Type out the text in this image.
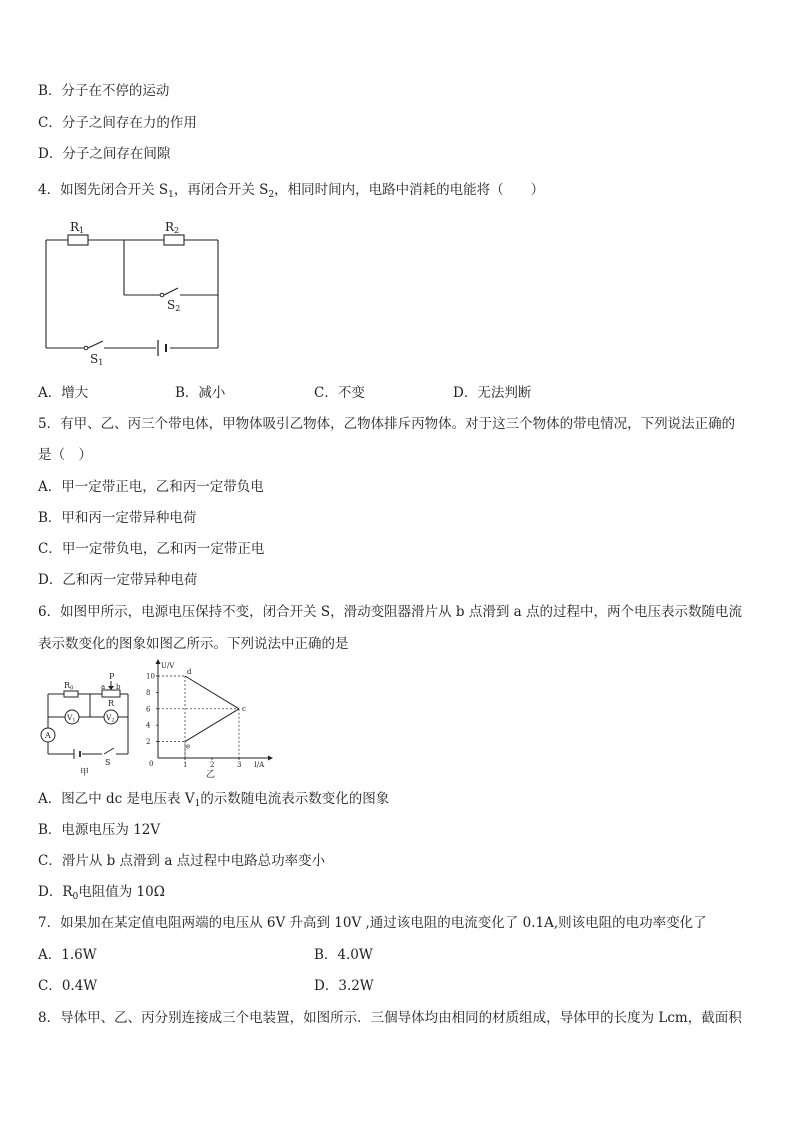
B．分子在不停的运动
C．分子之间存在力的作用
D．分子之间存在间隙
4．如图先闭合开关 $S_1$，再闭合开关 $S_2$，相同时间内，电路中消耗的电能将（　　）
R1	R2
S2
S1
A．增大	B．减小	C．不变	D．无法判断
5．有甲、乙、丙三个带电体，甲物体吸引乙物体，乙物体排斥丙物体。对于这三个物体的带电情况，下列说法正确的
是（　）
A．甲一定带正电，乙和丙一定带负电
B．甲和丙一定带异种电荷
C．甲一定带负电，乙和丙一定带正电
D．乙和丙一定带异种电荷
6．如图甲所示，电源电压保持不变，闭合开关 S，滑动变阻器滑片从 b 点滑到 a 点的过程中，两个电压表示数随电流
表示数变化的图象如图乙所示。下列说法中正确的是
R0
P
a b
R
$V_1$	$V_2$
A
S
甲
U/V
I/A
10
8
6
4
2
0	1	2	3
d
c
e
乙
A．图乙中 dc 是电压表 $V_1$的示数随电流表示数变化的图象
B．电源电压为 12V
C．滑片从 b 点滑到 a 点过程中电路总功率变小
D．$R_0$电阻值为 10Ω
7．如果加在某定值电阻两端的电压从 6V 升高到 10V ,通过该电阻的电流变化了 0.1A,则该电阻的电功率变化了
A．1.6W	B．4.0W
C．0.4W	D．3.2W
8．导体甲、乙、丙分别连接成三个电装置，如图所示．三個导体均由相同的材质组成，导体甲的长度为 Lcm，截面积
